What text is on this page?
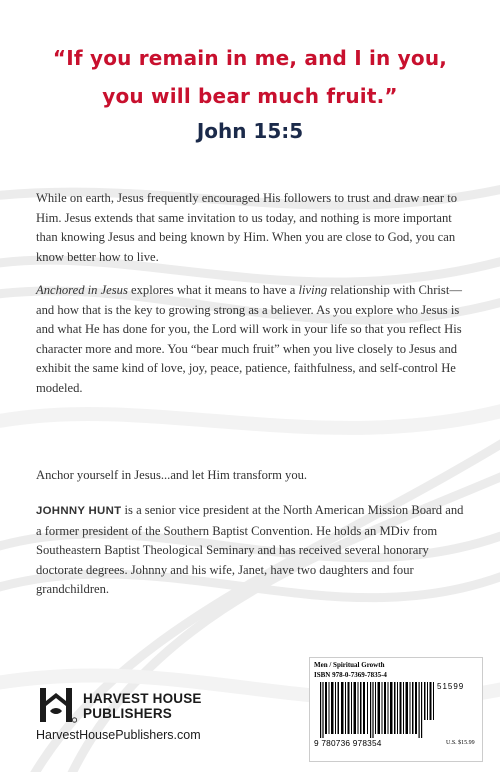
“If you remain in me, and I in you,
you will bear much fruit.”
John 15:5
While on earth, Jesus frequently encouraged His followers to trust and draw near to Him. Jesus extends that same invitation to us today, and nothing is more important than knowing Jesus and being known by Him. When you are close to God, you can know better how to live.
Anchored in Jesus explores what it means to have a living relationship with Christ—and how that is the key to growing strong as a believer. As you explore who Jesus is and what He has done for you, the Lord will work in your life so that you reflect His character more and more. You “bear much fruit” when you live closely to Jesus and exhibit the same kind of love, joy, peace, patience, faithfulness, and self-control He modeled.
Anchor yourself in Jesus...and let Him transform you.
JOHNNY HUNT is a senior vice president at the North American Mission Board and a former president of the Southern Baptist Convention. He holds an MDiv from Southeastern Baptist Theological Seminary and has received several honorary doctorate degrees. Johnny and his wife, Janet, have two daughters and four grandchildren.
Men / Spiritual Growth
ISBN 978-0-7369-7835-4
51599
9 780736 978354	U.S. $15.99
HARVEST HOUSE
PUBLISHERS
HarvestHousePublishers.com
